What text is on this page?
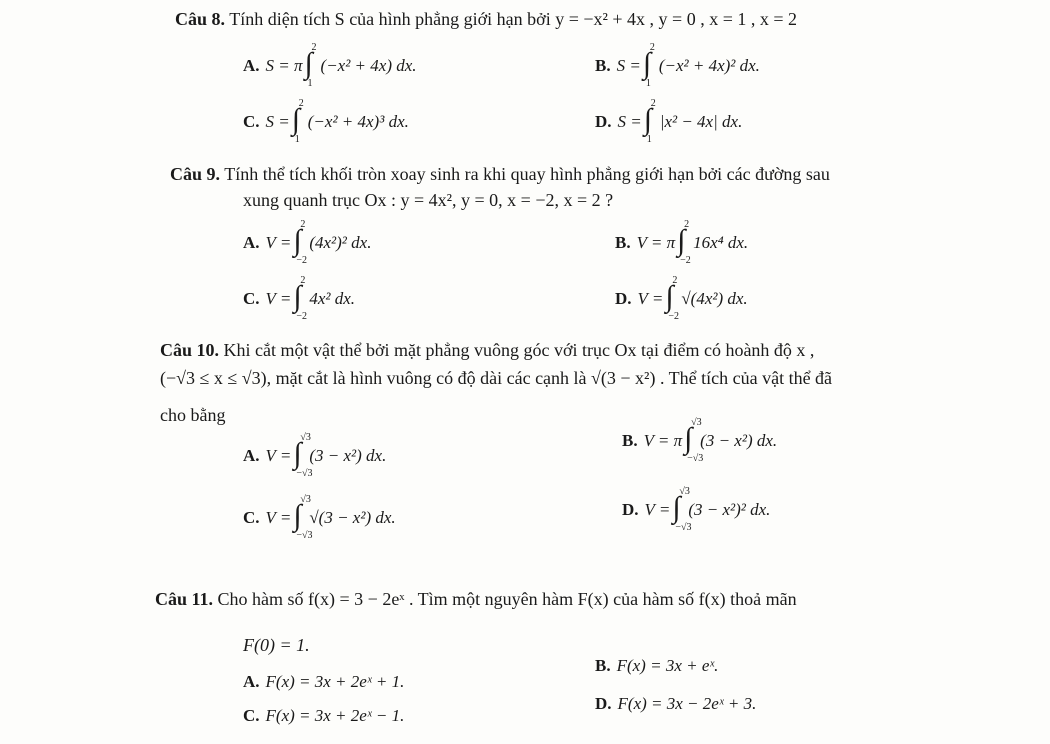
Câu 8. Tính diện tích S của hình phẳng giới hạn bởi y = −x² + 4x , y = 0 , x = 1 , x = 2
A. S = π ∫
2
1
(−x² + 4x) dx.	B. S = ∫
2
1
(−x² + 4x)² dx.
C. S = ∫
2
1
(−x² + 4x)³ dx.	D. S = ∫
2
1
|x² − 4x| dx.
Câu 9. Tính thể tích khối tròn xoay sinh ra khi quay hình phẳng giới hạn bởi các đường sau
xung quanh trục Ox : y = 4x², y = 0, x = −2, x = 2 ?
A. V = ∫
2
−2
(4x²)² dx.	B. V = π ∫
2
−2
16x⁴ dx.
C. V = ∫
2
−2
4x² dx.	D. V = ∫
2
−2
√(4x²) dx.
Câu 10. Khi cắt một vật thể bởi mặt phẳng vuông góc với trục Ox tại điểm có hoành độ x ,
(−√3 ≤ x ≤ √3), mặt cắt là hình vuông có độ dài các cạnh là √(3 − x²) . Thể tích của vật thể đã
cho bằng
A. V = ∫
√3
−√3
(3 − x²) dx.
B. V = π ∫
√3
−√3
(3 − x²) dx.
C. V = ∫
√3
−√3
√(3 − x²) dx.	D. V = ∫
√3
−√3
(3 − x²)² dx.
Câu 11. Cho hàm số f(x) = 3 − 2eˣ . Tìm một nguyên hàm F(x) của hàm số f(x) thoả mãn
F(0) = 1.
A. F(x) = 3x + 2eˣ + 1.
B. F(x) = 3x + eˣ.
C. F(x) = 3x + 2eˣ − 1.
D. F(x) = 3x − 2eˣ + 3.
